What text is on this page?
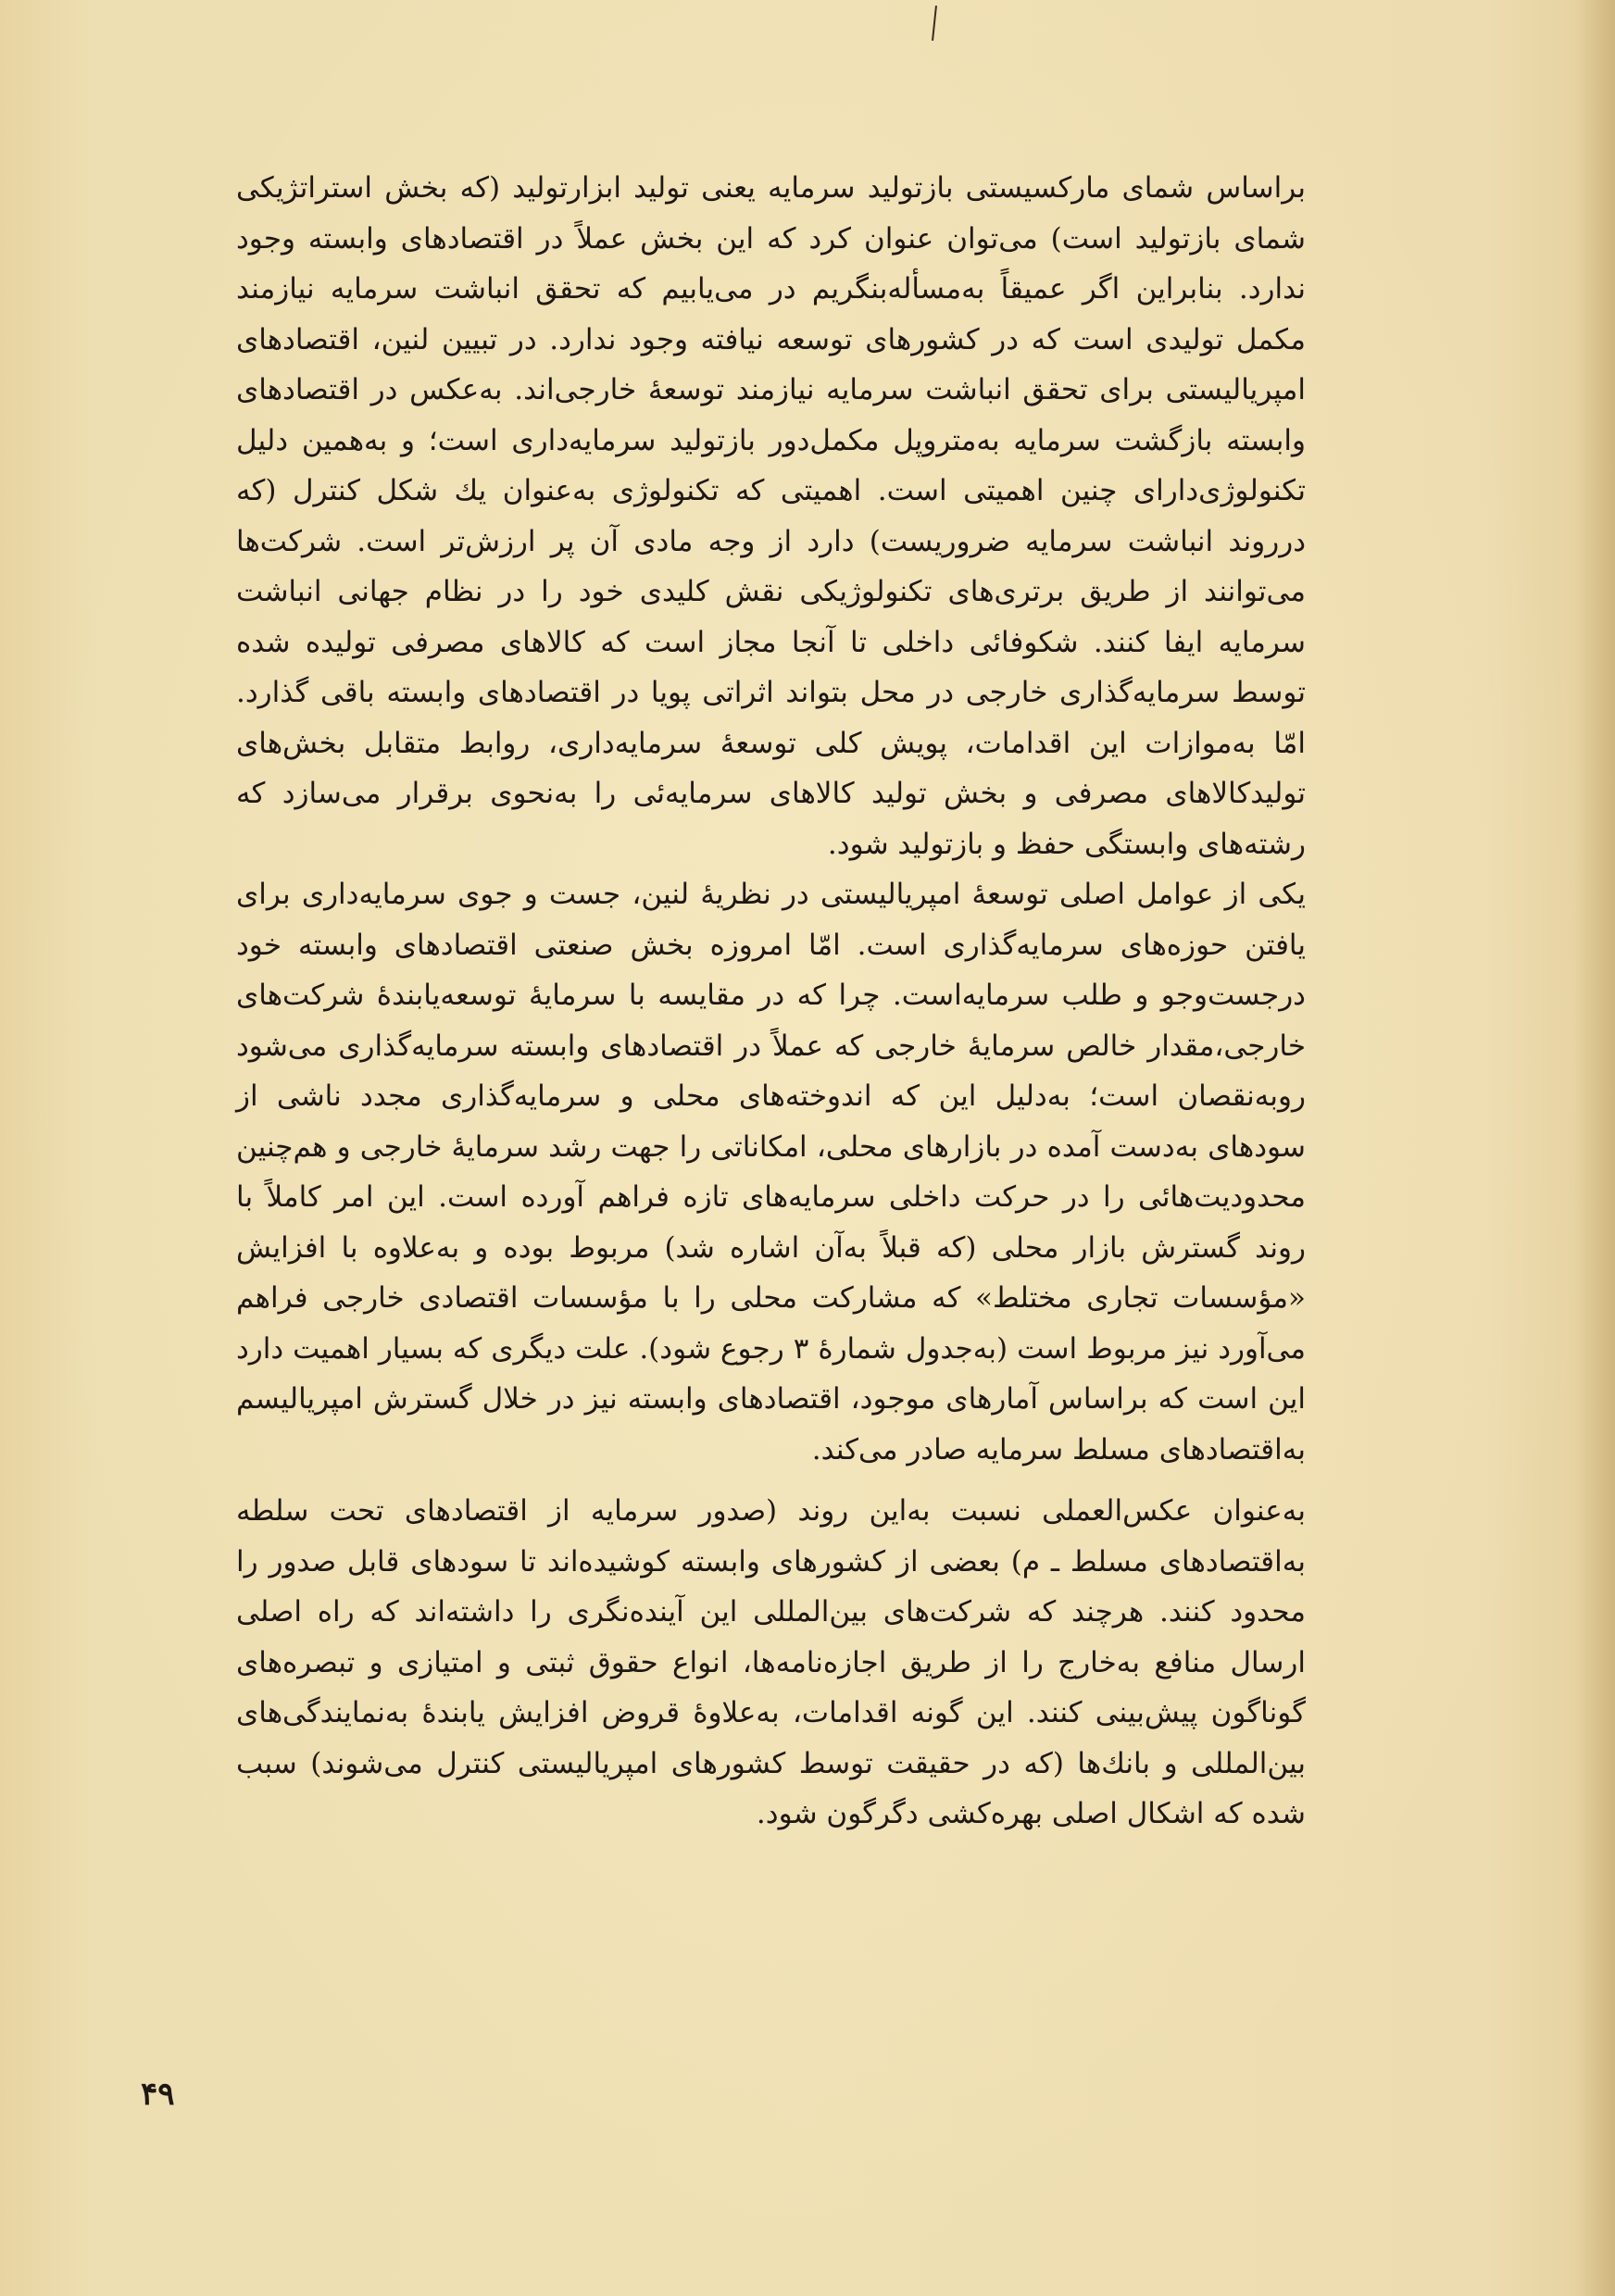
براساس شمای مارکسیستی بازتولید سرمایه یعنی تولید ابزارتولید (که بخش استراتژیکی شمای بازتولید است) می‌توان عنوان کرد که این بخش عملاً در اقتصادهای وابسته وجود ندارد. بنابراین اگر عمیقاً به‌مسأله‌بنگریم در می‌یابیم که تحقق انباشت سرمایه نیازمند مکمل تولیدی است که در کشورهای توسعه نیافته وجود ندارد. در تبیین لنین، اقتصادهای امپریالیستی برای تحقق انباشت سرمایه نیازمند توسعهٔ خارجی‌اند. به‌عکس در اقتصادهای وابسته بازگشت سرمایه به‌متروپل مکمل‌دور بازتولید سرمایه‌داری است؛ و به‌همین دلیل تکنولوژی‌دارای چنین اهمیتی است. اهمیتی که تکنولوژی به‌عنوان یك شکل کنترل (که درروند انباشت سرمایه ضروریست) دارد از وجه مادی آن پر ارزش‌تر است. شرکت‌ها می‌توانند از طریق برتری‌های تکنولوژیکی نقش کلیدی خود را در نظام جهانی انباشت سرمایه ایفا کنند. شکوفائی داخلی تا آنجا مجاز است که کالاهای مصرفی تولیده شده توسط سرمایه‌گذاری خارجی در محل بتواند اثراتی پویا در اقتصادهای وابسته باقی گذارد. امّا به‌موازات این اقدامات، پویش کلی توسعهٔ سرمایه‌داری، روابط متقابل بخش‌های تولیدکالاهای مصرفی و بخش تولید کالاهای سرمایه‌ئی را به‌نحوی برقرار می‌سازد که رشته‌های وابستگی حفظ و بازتولید شود.

یکی از عوامل اصلی توسعهٔ امپریالیستی در نظریهٔ لنین، جست و جوی سرمایه‌داری برای یافتن حوزه‌های سرمایه‌گذاری است. امّا امروزه بخش صنعتی اقتصادهای وابسته خود درجست‌وجو و طلب سرمایه‌است. چرا که در مقایسه با سرمایهٔ توسعه‌یابندهٔ شرکت‌های خارجی،مقدار خالص سرمایهٔ خارجی که عملاً در اقتصادهای وابسته سرمایه‌گذاری می‌شود روبه‌نقصان است؛ به‌دلیل این که اندوخته‌های محلی و سرمایه‌گذاری مجدد ناشی از سودهای به‌دست آمده در بازارهای محلی، امکاناتی را جهت رشد سرمایهٔ خارجی و هم‌چنین محدودیت‌هائی را در حرکت داخلی سرمایه‌های تازه فراهم آورده است. این امر کاملاً با روند گسترش بازار محلی (که قبلاً به‌آن اشاره شد) مربوط بوده و به‌علاوه با افزایش «مؤسسات تجاری مختلط» که مشارکت محلی را با مؤسسات اقتصادی خارجی فراهم می‌آورد نیز مربوط است (به‌جدول شمارهٔ ۳ رجوع شود). علت دیگری که بسیار اهمیت دارد این است که براساس آمارهای موجود، اقتصادهای وابسته نیز در خلال گسترش امپریالیسم به‌اقتصادهای مسلط سرمایه صادر می‌کند.

به‌عنوان عکس‌العملی نسبت به‌این روند (صدور سرمایه از اقتصادهای تحت سلطه به‌اقتصادهای مسلط ـ م) بعضی از کشورهای وابسته کوشیده‌اند تا سودهای قابل صدور را محدود کنند. هرچند که شرکت‌های بین‌المللی این آینده‌نگری را داشته‌اند که راه اصلی ارسال منافع به‌خارج را از طریق اجازه‌نامه‌ها، انواع حقوق ثبتی و امتیازی و تبصره‌های گوناگون پیش‌بینی کنند. این گونه اقدامات، به‌علاوهٔ قروض افزایش یابندهٔ به‌نمایندگی‌های بین‌المللی و بانك‌ها (که در حقیقت توسط کشورهای امپریالیستی کنترل می‌شوند) سبب شده که اشکال اصلی بهره‌کشی دگرگون شود.

۴۹
